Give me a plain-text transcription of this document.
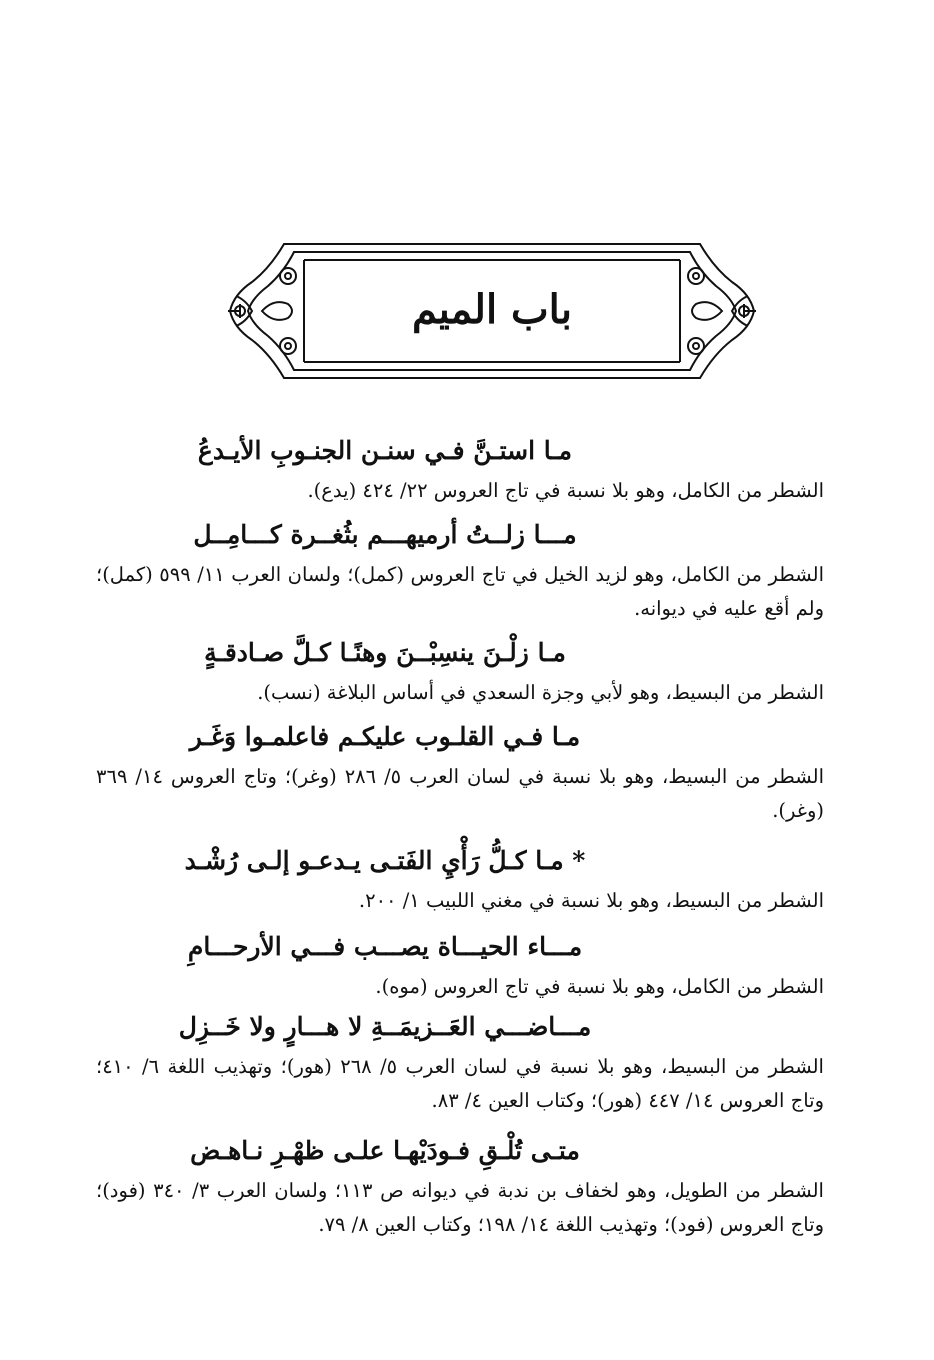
باب الميم
مـا استـنَّ فـي سنـن الجنـوبِ الأيـدعُ
الشطر من الكامل، وهو بلا نسبة في تاج العروس ٢٢/ ٤٢٤ (يدع).
مـــا زلــتُ أرميهـــم بثُغــرة كـــامِــل
الشطر من الكامل، وهو لزيد الخيل في تاج العروس (كمل)؛ ولسان العرب ١١/ ٥٩٩ (كمل)؛ ولم أقع عليه في ديوانه.
مـا زلْـنَ ينسِبْــنَ وهنًـا كـلَّ صـادقـةٍ
الشطر من البسيط، وهو لأبي وجزة السعدي في أساس البلاغة (نسب).
مـا فـي القلـوب عليكـم فاعلمـوا وَغَـر
الشطر من البسيط، وهو بلا نسبة في لسان العرب ٥/ ٢٨٦ (وغر)؛ وتاج العروس ١٤/ ٣٦٩ (وغر).
* مـا كـلُّ رَأْيِ الفَتـى يـدعـو إلـى رُشْـد
الشطر من البسيط، وهو بلا نسبة في مغني اللبيب ١/ ٢٠٠.
مـــاء الحيـــاة يصـــب فـــي الأرحـــامِ
الشطر من الكامل، وهو بلا نسبة في تاج العروس (موه).
مـــاضـــي العَــزيمَــةِ لا هـــارٍ ولا خَــزِل
الشطر من البسيط، وهو بلا نسبة في لسان العرب ٥/ ٢٦٨ (هور)؛ وتهذيب اللغة ٦/ ٤١٠؛ وتاج العروس ١٤/ ٤٤٧ (هور)؛ وكتاب العين ٤/ ٨٣.
متـى تُلْـقِ فـودَيْهـا علـى ظهْـرِ نـاهـض
الشطر من الطويل، وهو لخفاف بن ندبة في ديوانه ص ١١٣؛ ولسان العرب ٣/ ٣٤٠ (فود)؛ وتاج العروس (فود)؛ وتهذيب اللغة ١٤/ ١٩٨؛ وكتاب العين ٨/ ٧٩.
